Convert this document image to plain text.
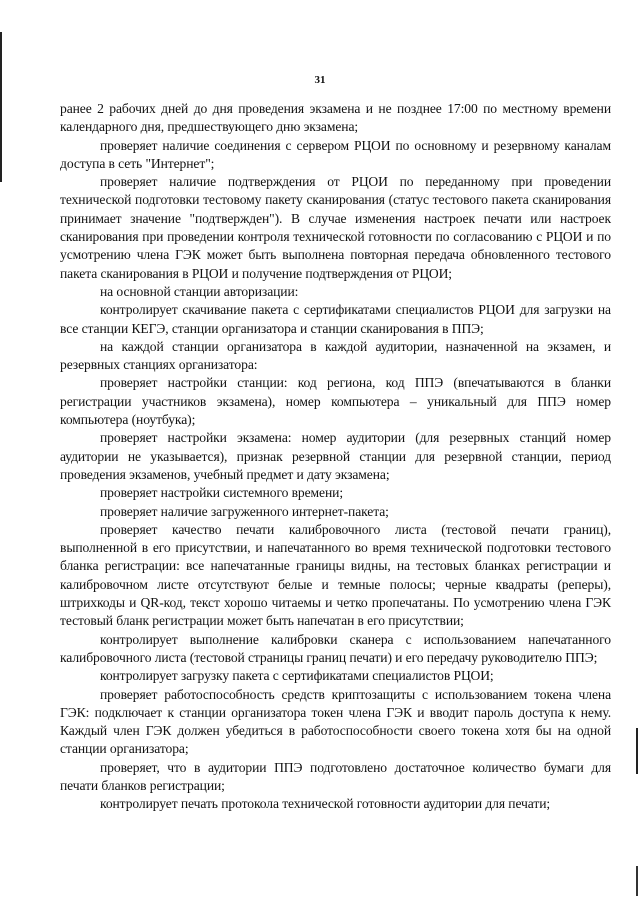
31

ранее 2 рабочих дней до дня проведения экзамена и не позднее 17:00 по местному времени календарного дня, предшествующего дню экзамена;

проверяет наличие соединения с сервером РЦОИ по основному и резервному каналам доступа в сеть "Интернет";

проверяет наличие подтверждения от РЦОИ по переданному при проведении технической подготовки тестовому пакету сканирования (статус тестового пакета сканирования принимает значение "подтвержден"). В случае изменения настроек печати или настроек сканирования при проведении контроля технической готовности по согласованию с РЦОИ и по усмотрению члена ГЭК может быть выполнена повторная передача обновленного тестового пакета сканирования в РЦОИ и получение подтверждения от РЦОИ;

на основной станции авторизации:

контролирует скачивание пакета с сертификатами специалистов РЦОИ для загрузки на все станции КЕГЭ, станции организатора и станции сканирования в ППЭ;

на каждой станции организатора в каждой аудитории, назначенной на экзамен, и резервных станциях организатора:

проверяет настройки станции: код региона, код ППЭ (впечатываются в бланки регистрации участников экзамена), номер компьютера – уникальный для ППЭ номер компьютера (ноутбука);

проверяет настройки экзамена: номер аудитории (для резервных станций номер аудитории не указывается), признак резервной станции для резервной станции, период проведения экзаменов, учебный предмет и дату экзамена;

проверяет настройки системного времени;

проверяет наличие загруженного интернет-пакета;

проверяет качество печати калибровочного листа (тестовой печати границ), выполненной в его присутствии, и напечатанного во время технической подготовки тестового бланка регистрации: все напечатанные границы видны, на тестовых бланках регистрации и калибровочном листе отсутствуют белые и темные полосы; черные квадраты (реперы), штрихкоды и QR-код, текст хорошо читаемы и четко пропечатаны. По усмотрению члена ГЭК тестовый бланк регистрации может быть напечатан в его присутствии;

контролирует выполнение калибровки сканера с использованием напечатанного калибровочного листа (тестовой страницы границ печати) и его передачу руководителю ППЭ;

контролирует загрузку пакета с сертификатами специалистов РЦОИ;

проверяет работоспособность средств криптозащиты с использованием токена члена ГЭК: подключает к станции организатора токен члена ГЭК и вводит пароль доступа к нему. Каждый член ГЭК должен убедиться в работоспособности своего токена хотя бы на одной станции организатора;

проверяет, что в аудитории ППЭ подготовлено достаточное количество бумаги для печати бланков регистрации;

контролирует печать протокола технической готовности аудитории для печати;
